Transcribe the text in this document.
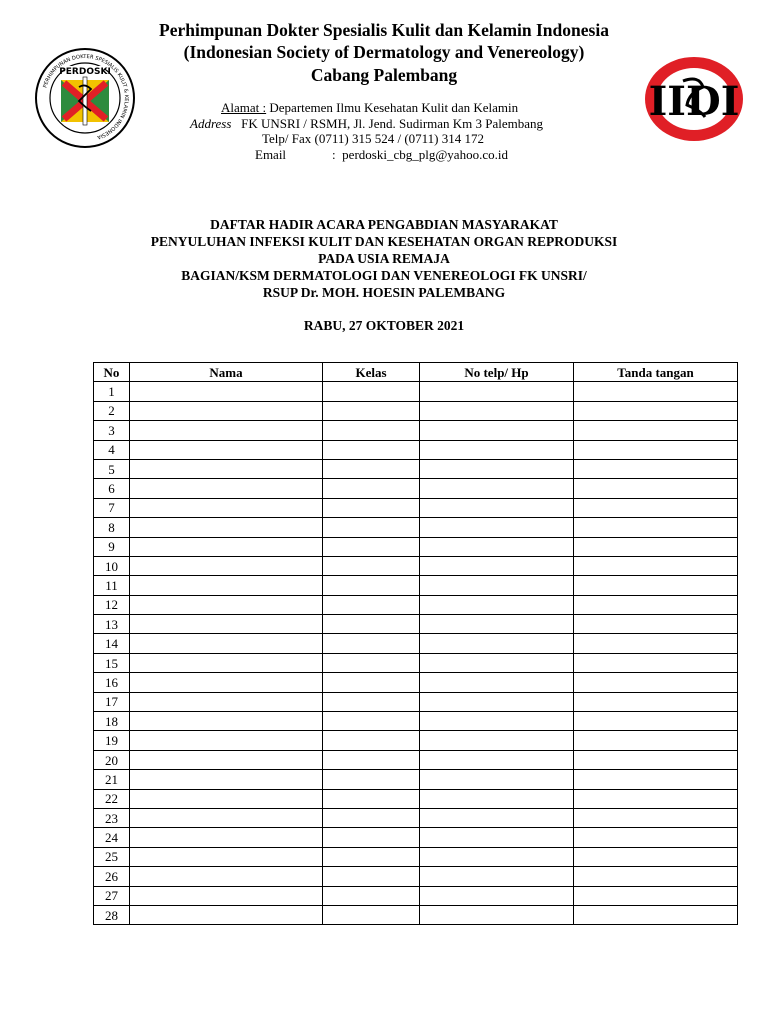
Perhimpunan Dokter Spesialis Kulit dan Kelamin Indonesia
(Indonesian Society of Dermatology and Venereology)
Cabang Palembang
PERHIMPUNAN DOKTER SPESIALIS KULIT & KELAMIN INDONESIA
PERDOSKI
IIDI
Alamat : Departemen Ilmu Kesehatan Kulit dan Kelamin
Address FK UNSRI / RSMH, Jl. Jend. Sudirman Km 3 Palembang
Telp/ Fax (0711) 315 524 / (0711) 314 172
Email	: perdoski_cbg_plg@yahoo.co.id
DAFTAR HADIR ACARA PENGABDIAN MASYARAKAT
PENYULUHAN INFEKSI KULIT DAN KESEHATAN ORGAN REPRODUKSI
PADA USIA REMAJA
BAGIAN/KSM DERMATOLOGI DAN VENEREOLOGI FK UNSRI/
RSUP Dr. MOH. HOESIN PALEMBANG
RABU, 27 OKTOBER 2021
No	Nama	Kelas	No telp/ Hp	Tanda tangan
1				
2				
3				
4				
5				
6				
7				
8				
9				
10				
11				
12				
13				
14				
15				
16				
17				
18				
19				
20				
21				
22				
23				
24				
25				
26				
27				
28				
